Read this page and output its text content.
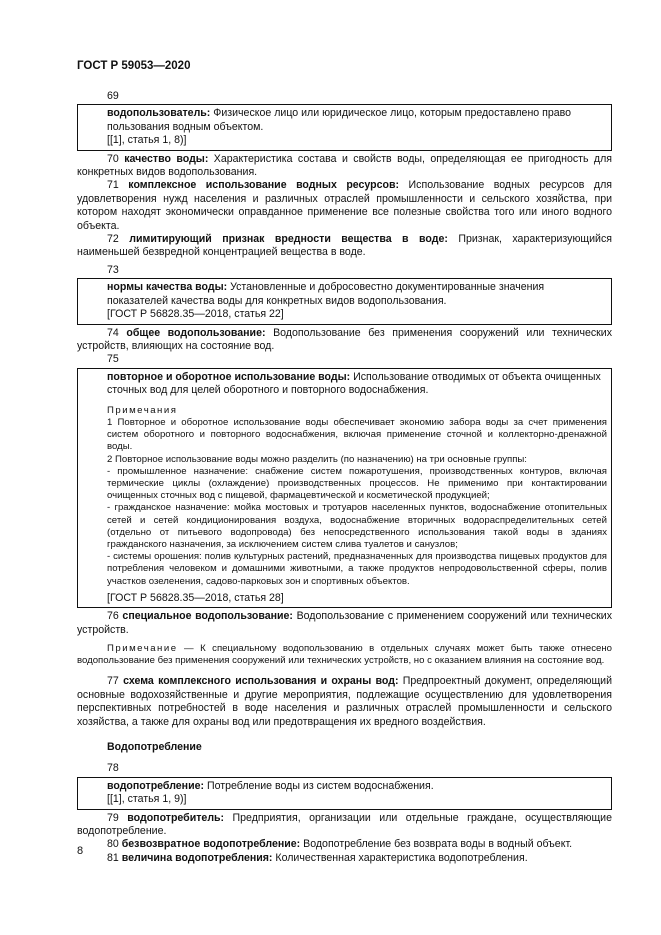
ГОСТ Р 59053—2020
69

водопользователь: Физическое лицо или юридическое лицо, которым предоставлено право пользования водным объектом.

[[1], статья 1, 8)]

70 качество воды: Характеристика состава и свойств воды, определяющая ее пригодность для конкретных видов водопользования.

71 комплексное использование водных ресурсов: Использование водных ресурсов для удовлетворения нужд населения и различных отраслей промышленности и сельского хозяйства, при котором находят экономически оправданное применение все полезные свойства того или иного водного объекта.

72 лимитирующий признак вредности вещества в воде: Признак, характеризующийся наименьшей безвредной концентрацией вещества в воде.

73

нормы качества воды: Установленные и добросовестно документированные значения показателей качества воды для конкретных видов водопользования.

[ГОСТ Р 56828.35—2018, статья 22]

74 общее водопользование: Водопользование без применения сооружений или технических устройств, влияющих на состояние вод.

75

повторное и оборотное использование воды: Использование отводимых от объекта очищенных сточных вод для целей оборотного и повторного водоснабжения.

Примечания

1 Повторное и оборотное использование воды обеспечивает экономию забора воды за счет применения систем оборотного и повторного водоснабжения, включая применение сточной и коллекторно-дренажной воды.

2 Повторное использование воды можно разделить (по назначению) на три основные группы:

- промышленное назначение: снабжение систем пожаротушения, производственных контуров, включая термические циклы (охлаждение) производственных процессов. Не применимо при контактировании очищенных сточных вод с пищевой, фармацевтической и косметической продукцией;

- гражданское назначение: мойка мостовых и тротуаров населенных пунктов, водоснабжение отопительных сетей и сетей кондиционирования воздуха, водоснабжение вторичных водораспределительных сетей (отдельно от питьевого водопровода) без непосредственного использования такой воды в зданиях гражданского назначения, за исключением систем слива туалетов и санузлов;

- системы орошения: полив культурных растений, предназначенных для производства пищевых продуктов для потребления человеком и домашними животными, а также продуктов непродовольственной сферы, полив участков озеленения, садово-парковых зон и спортивных объектов.

[ГОСТ Р 56828.35—2018, статья 28]

76 специальное водопользование: Водопользование с применением сооружений или технических устройств.

Примечание — К специальному водопользованию в отдельных случаях может быть также отнесено водопользование без применения сооружений или технических устройств, но с оказанием влияния на состояние вод.

77 схема комплексного использования и охраны вод: Предпроектный документ, определяющий основные водохозяйственные и другие мероприятия, подлежащие осуществлению для удовлетворения перспективных потребностей в воде населения и различных отраслей промышленности и сельского хозяйства, а также для охраны вод или предотвращения их вредного воздействия.

Водопотребление
78

водопотребление: Потребление воды из систем водоснабжения.

[[1], статья 1, 9)]

79 водопотребитель: Предприятия, организации или отдельные граждане, осуществляющие водопотребление.

80 безвозвратное водопотребление: Водопотребление без возврата воды в водный объект.

81 величина водопотребления: Количественная характеристика водопотребления.

8
